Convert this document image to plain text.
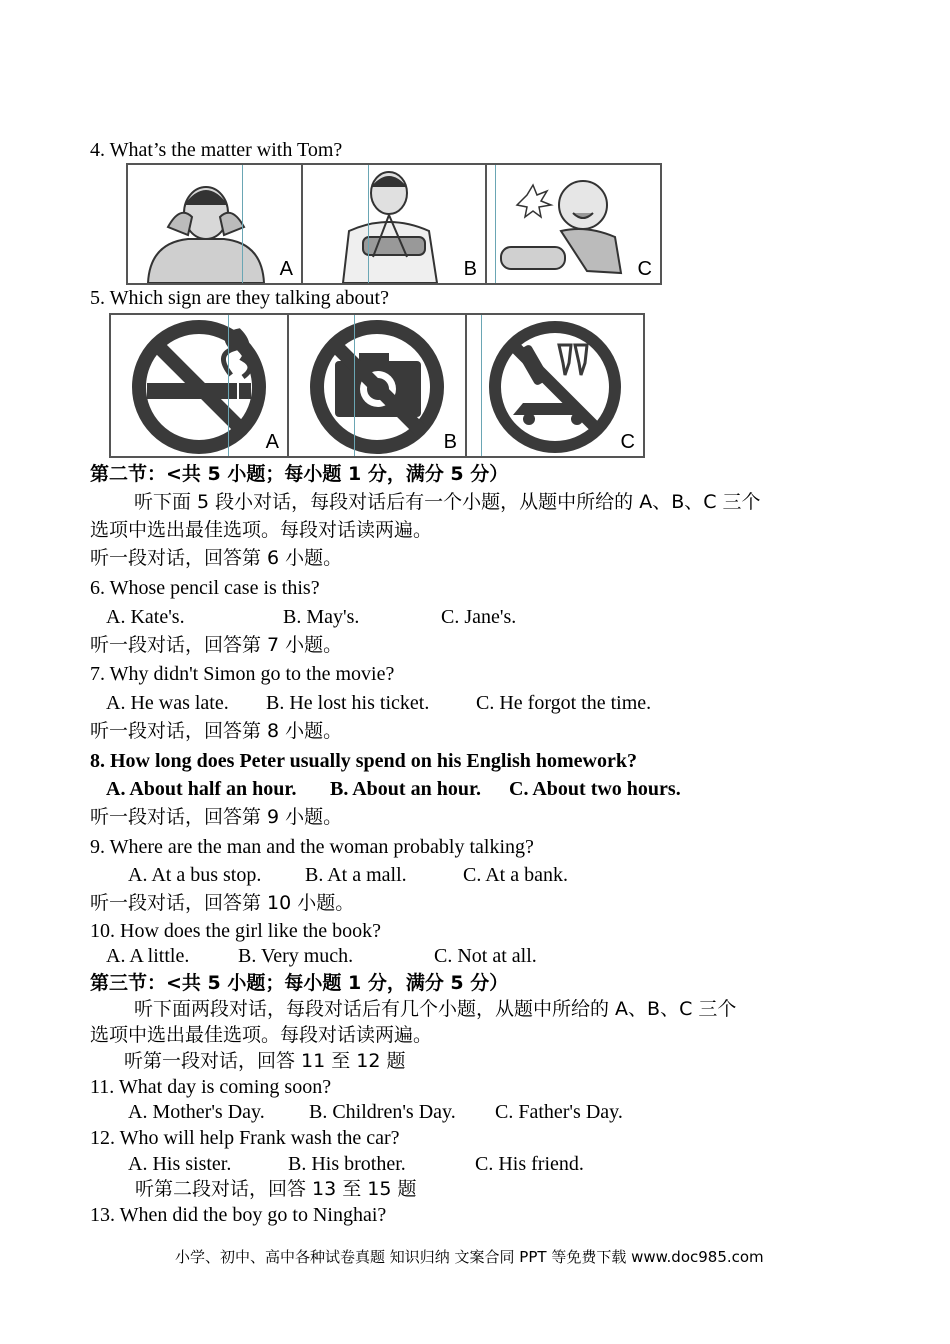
4. What’s the matter with Tom?
A	B	C
5. Which sign are they talking about?
A	B	C
第二节：<共 5 小题；每小题 1 分，满分 5 分）
听下面 5 段小对话，每段对话后有一个小题，从题中所给的 A、B、C 三个
选项中选出最佳选项。每段对话读两遍。
听一段对话，回答第 6 小题。
6. Whose pencil case is this?
A. Kate's.	B. May's.	C. Jane's.
听一段对话，回答第 7 小题。
7. Why didn't Simon go to the movie?
A. He was late. B. He lost his ticket. C. He forgot the time.
听一段对话，回答第 8 小题。
8. How long does Peter usually spend on his English homework?
A. About half an hour. B. About an hour. C. About two hours.
听一段对话，回答第 9 小题。
9. Where are the man and the woman probably talking?
A. At a bus stop. B. At a mall.	C. At a bank.
听一段对话，回答第 10 小题。
10. How does the girl like the book?
A. A little. B. Very much.	C. Not at all.
第三节：<共 5 小题；每小题 1 分，满分 5 分）
听下面两段对话，每段对话后有几个小题，从题中所给的 A、B、C 三个
选项中选出最佳选项。每段对话读两遍。
听第一段对话，回答 11 至 12 题
11. What day is coming soon?
A. Mother's Day. B. Children's Day. C. Father's Day.
12. Who will help Frank wash the car?
A. His sister.	B. His brother.	C. His friend.
听第二段对话，回答 13 至 15 题
13. When did the boy go to Ninghai?
小学、初中、高中各种试卷真题 知识归纳 文案合同 PPT 等免费下载 www.doc985.com
